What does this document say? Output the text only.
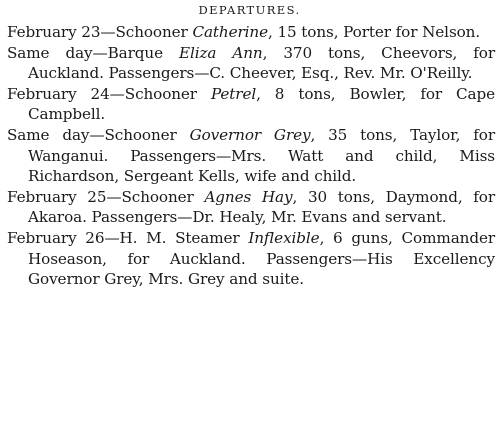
DEPARTURES.

February 23—Schooner Catherine, 15 tons, Porter for Nelson.

Same day—Barque Eliza Ann, 370 tons, Cheevors, for Auckland. Passengers—C. Cheever, Esq., Rev. Mr. O'Reilly.

February 24—Schooner Petrel, 8 tons, Bowler, for Cape Campbell.

Same day—Schooner Governor Grey, 35 tons, Taylor, for Wanganui. Passengers—Mrs. Watt and child, Miss Richardson, Sergeant Kells, wife and child.

February 25—Schooner Agnes Hay, 30 tons, Daymond, for Akaroa. Passengers—Dr. Healy, Mr. Evans and servant.

February 26—H. M. Steamer Inflexible, 6 guns, Commander Hoseason, for Auckland. Passengers—His Excellency Governor Grey, Mrs. Grey and suite.
